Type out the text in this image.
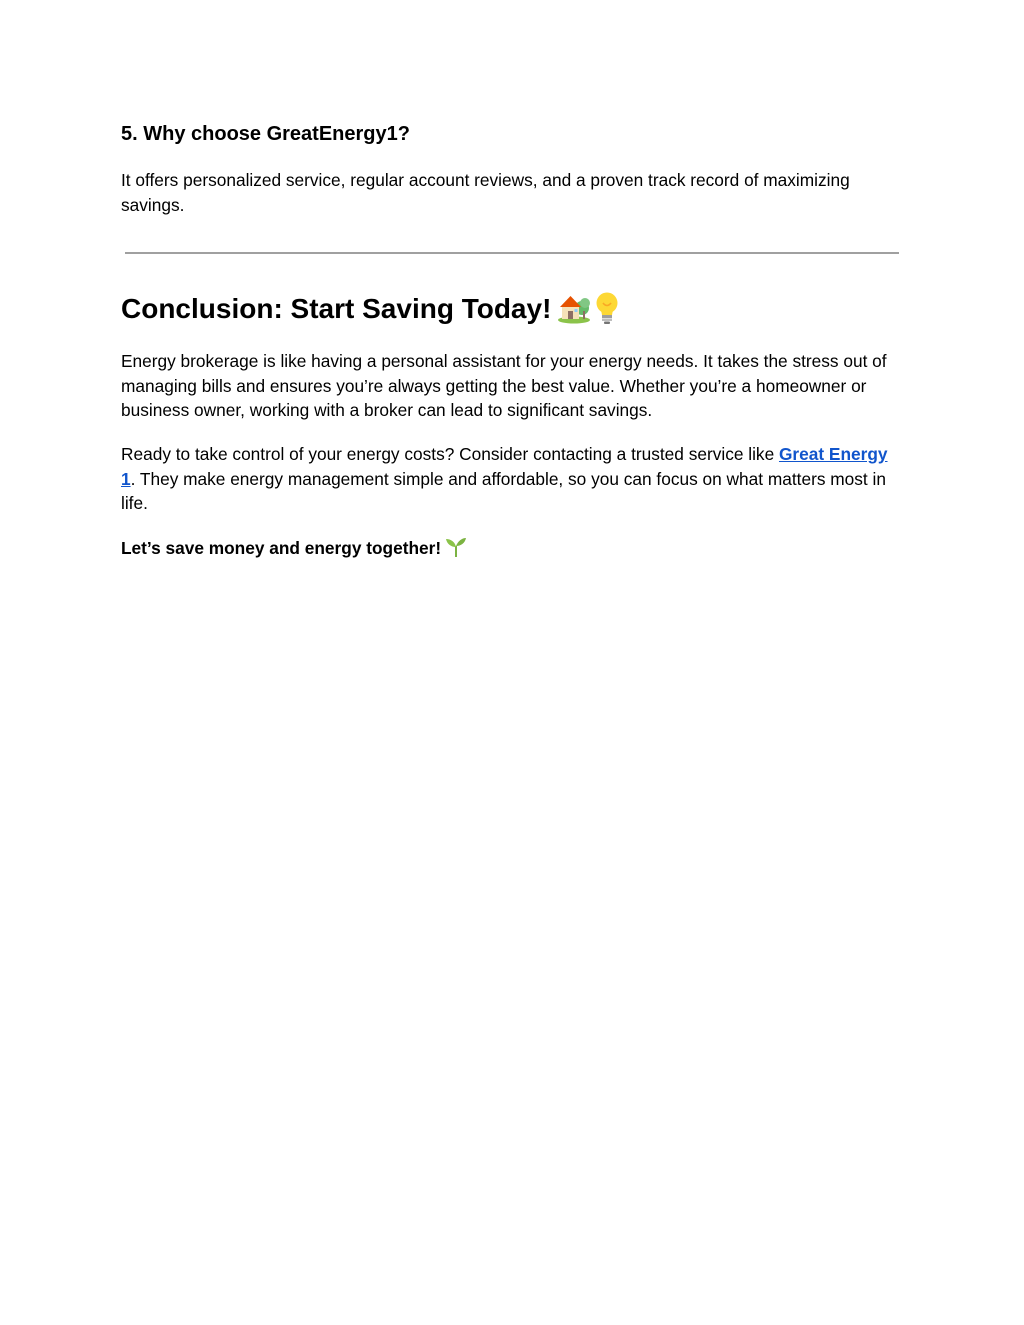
5. Why choose GreatEnergy1?

It offers personalized service, regular account reviews, and a proven track record of maximizing savings.

Conclusion: Start Saving Today!

Energy brokerage is like having a personal assistant for your energy needs. It takes the stress out of managing bills and ensures you’re always getting the best value. Whether you’re a homeowner or business owner, working with a broker can lead to significant savings.

Ready to take control of your energy costs? Consider contacting a trusted service like Great Energy 1. They make energy management simple and affordable, so you can focus on what matters most in life.

Let’s save money and energy together!
